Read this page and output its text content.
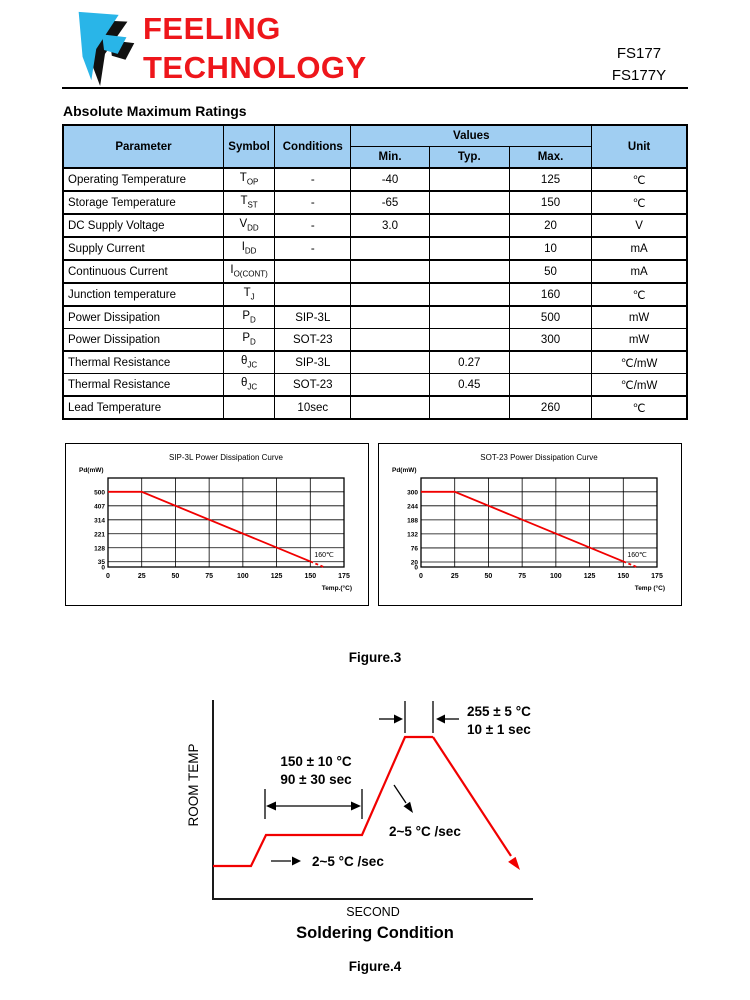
FEELING
TECHNOLOGY	FS177
FS177Y
Absolute Maximum Ratings
Parameter	Symbol	Conditions	Values			Unit
			Min.	Typ.	Max.	
Operating Temperature	$T_{OP}$	-	-40		125	℃
Storage Temperature	$T_{ST}$	-	-65		150	℃
DC Supply Voltage	$V_{DD}$	-	3.0		20	V
Supply Current	$I_{DD}$	-			10	mA
Continuous Current	$I_{O(CONT)}$				50	mA
Junction temperature	$T_J$				160	℃
Power Dissipation	$P_D$	SIP-3L			500	mW
Power Dissipation	$P_D$	SOT-23			300	mW
Thermal Resistance	$\theta_{JC}$	SIP-3L		0.27		℃/mW
Thermal Resistance	$\theta_{JC}$	SOT-23		0.45		℃/mW
Lead Temperature		10sec			260	℃
SIP-3L Power Dissipation Curve
Pd(mW)
500
407
314
221
128
35
0
0	25	50	75	100	125	150	175
Temp.(°C)
160℃
SOT-23 Power Dissipation Curve
Pd(mW)
300
244
188
132
76
20
0
0	25	50	75	100	125	150	175
Temp (°C)
160℃
Figure.3
ROOM TEMP
255 ± 5 °C
10 ± 1 sec
150 ± 10 °C
90 ± 30 sec
2~5 °C /sec
2~5 °C /sec
SECOND
Soldering Condition
Figure.4
